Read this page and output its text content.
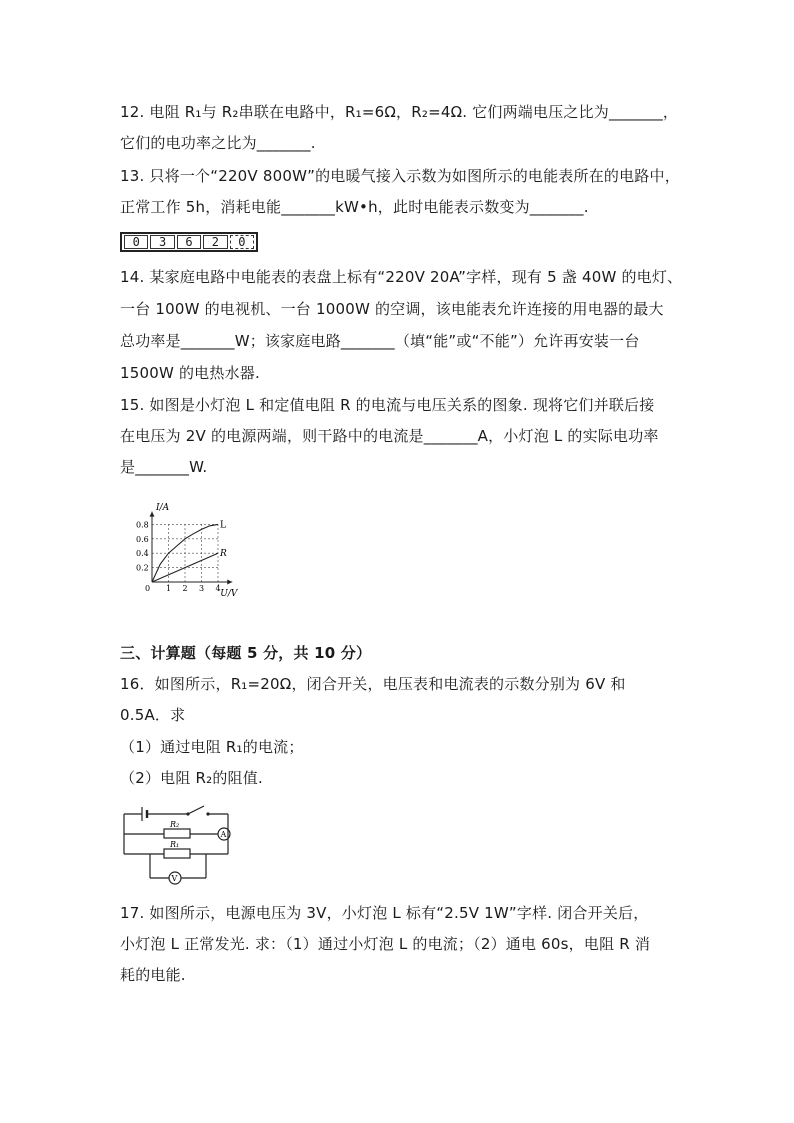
12. 电阻 R₁与 R₂串联在电路中，R₁=6Ω，R₂=4Ω. 它们两端电压之比为_______，
它们的电功率之比为_______.
13. 只将一个“220V 800W”的电暖气接入示数为如图所示的电能表所在的电路中，
正常工作 5h，消耗电能_______kW•h，此时电能表示数变为_______.
0	3	6	2	0
14. 某家庭电路中电能表的表盘上标有“220V 20A”字样，现有 5 盏 40W 的电灯、
一台 100W 的电视机、一台 1000W 的空调，该电能表允许连接的用电器的最大
总功率是_______W；该家庭电路_______（填“能”或“不能”）允许再安装一台
1500W 的电热水器.
15. 如图是小灯泡 L 和定值电阻 R 的电流与电压关系的图象. 现将它们并联后接
在电压为 2V 的电源两端，则干路中的电流是_______A，小灯泡 L 的实际电功率
是_______W.
L
R
1 2 3 4
0.2
0.4
0.6
0.8
0
U/V
I/A
三、计算题（每题 5 分，共 10 分）
16．如图所示，R₁=20Ω，闭合开关，电压表和电流表的示数分别为 6V 和
0.5A．求
（1）通过电阻 R₁的电流；
（2）电阻 R₂的阻值.
R₂
R₁
A
V
17. 如图所示，电源电压为 3V，小灯泡 L 标有“2.5V 1W”字样. 闭合开关后，
小灯泡 L 正常发光. 求：（1）通过小灯泡 L 的电流；（2）通电 60s，电阻 R 消
耗的电能.
